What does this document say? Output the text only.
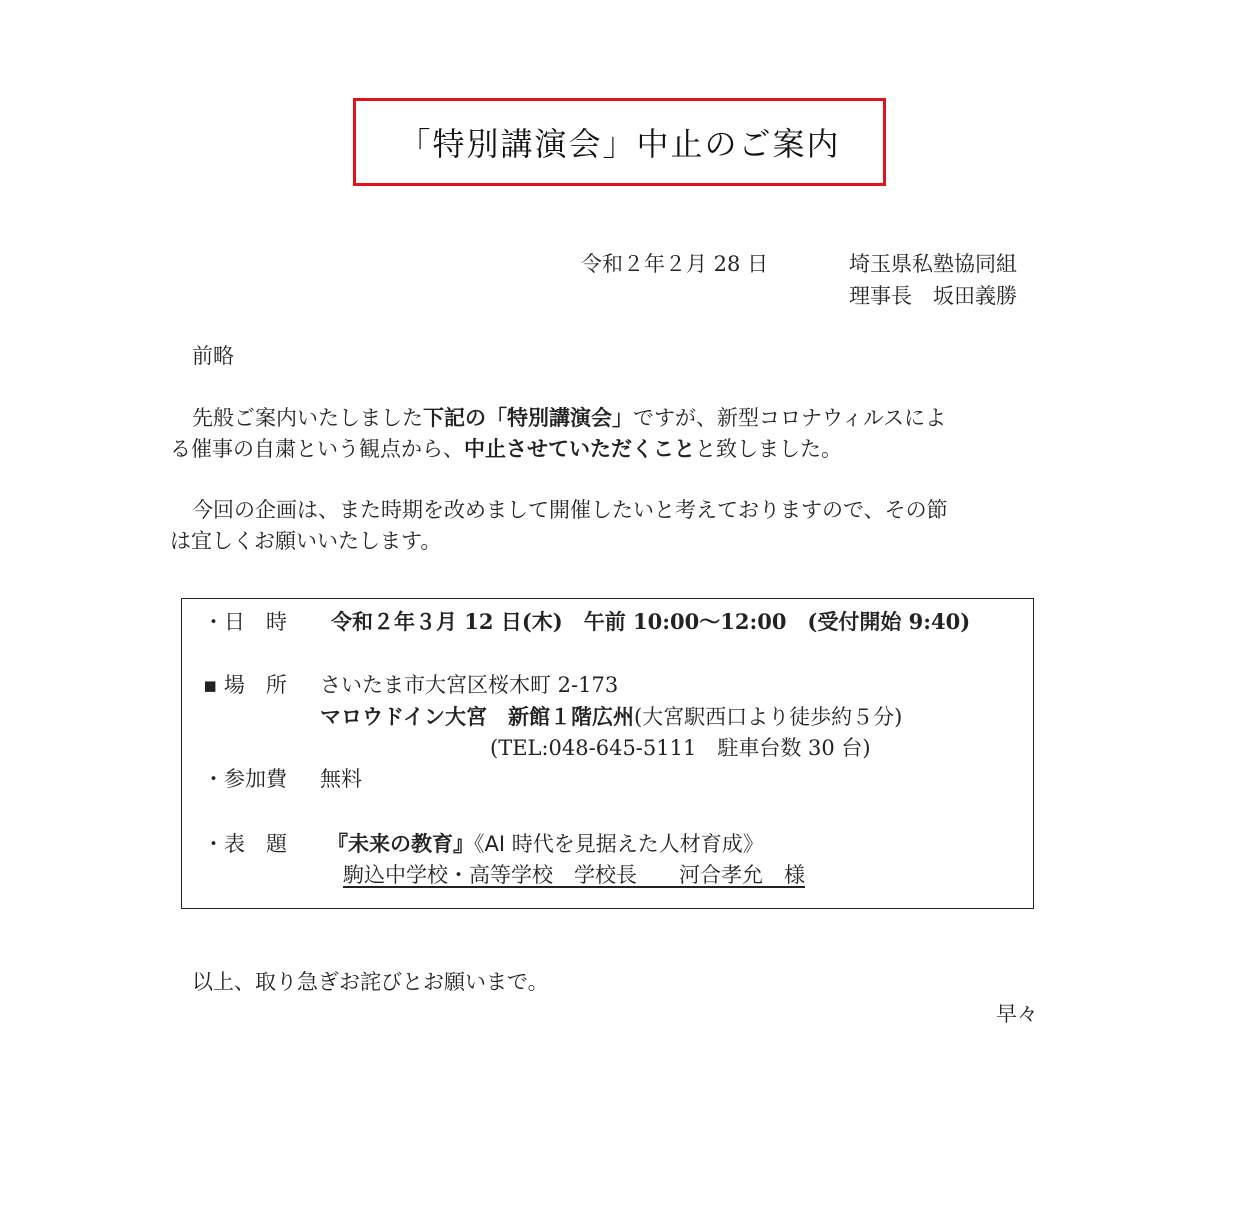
「特別講演会」中止のご案内
令和２年２月 28 日	埼玉県私塾協同組
理事長　坂田義勝
前略
先般ご案内いたしました下記の「特別講演会」ですが、新型コロナウィルスによ
る催事の自粛という観点から、中止させていただくことと致しました。
今回の企画は、また時期を改めまして開催したいと考えておりますので、その節
は宜しくお願いいたします。
・日　時 令和２年３月 12 日(木)　午前 10:00～12:00　(受付開始 9:40)
▪ 場　所 さいたま市大宮区桜木町 2-173
マロウドイン大宮　新館１階広州(大宮駅西口より徒歩約５分)
(TEL:048-645-5111　駐車台数 30 台)
・参加費 無料
・表　題 『未来の教育』《AI 時代を見据えた人材育成》
駒込中学校・高等学校　学校長　　河合孝允　様
以上、取り急ぎお詫びとお願いまで。
早々
